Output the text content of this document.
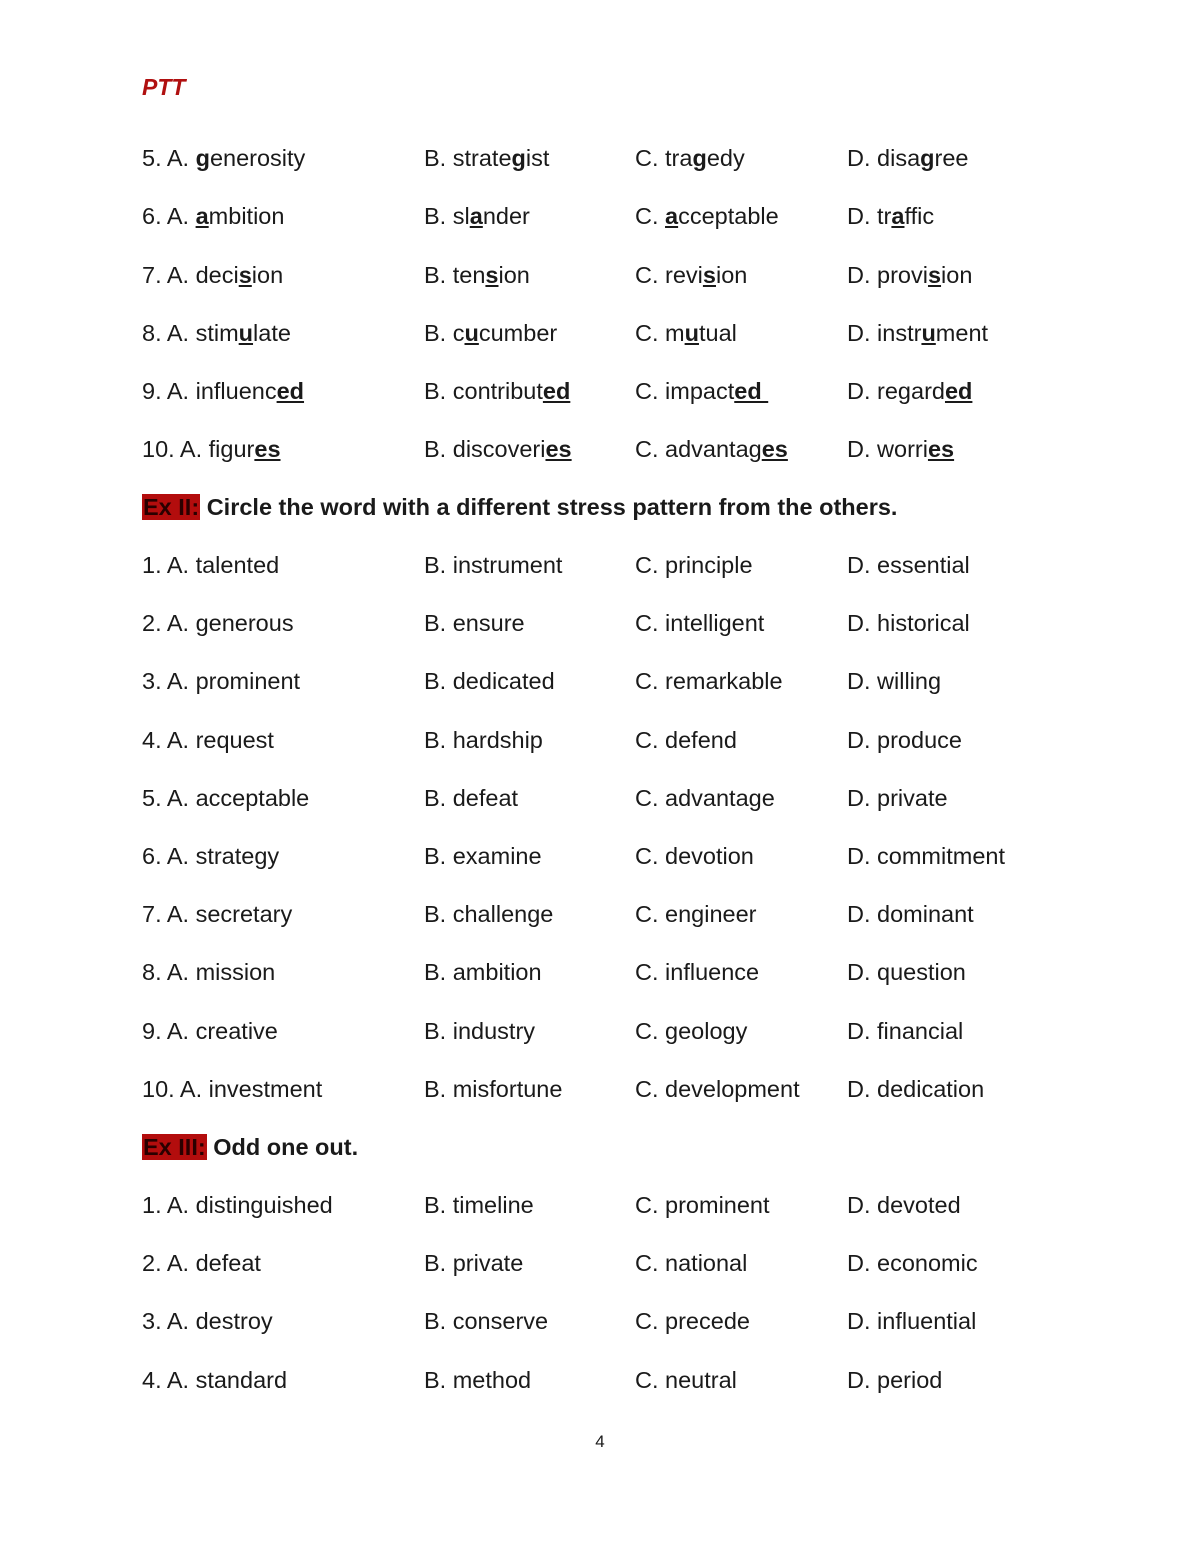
PTT
5. A. generosity	B. strategist	C. tragedy	D. disagree
6. A. ambition	B. slander	C. acceptable	D. traffic
7. A. decision	B. tension	C. revision	D. provision
8. A. stimulate	B. cucumber	C. mutual	D. instrument
9. A. influenced	B. contributed	C. impacted	D. regarded
10. A. figures	B. discoveries	C. advantages	D. worries
Ex II: Circle the word with a different stress pattern from the others.
1. A. talented	B. instrument	C. principle	D. essential
2. A. generous	B. ensure	C. intelligent	D. historical
3. A. prominent	B. dedicated	C. remarkable	D. willing
4. A. request	B. hardship	C. defend	D. produce
5. A. acceptable	B. defeat	C. advantage	D. private
6. A. strategy	B. examine	C. devotion	D. commitment
7. A. secretary	B. challenge	C. engineer	D. dominant
8. A. mission	B. ambition	C. influence	D. question
9. A. creative	B. industry	C. geology	D. financial
10. A. investment	B. misfortune	C. development D. dedication
Ex III: Odd one out.
1. A. distinguished	B. timeline	C. prominent	D. devoted
2. A. defeat	B. private	C. national	D. economic
3. A. destroy	B. conserve	C. precede	D. influential
4. A. standard	B. method	C. neutral	D. period
4
